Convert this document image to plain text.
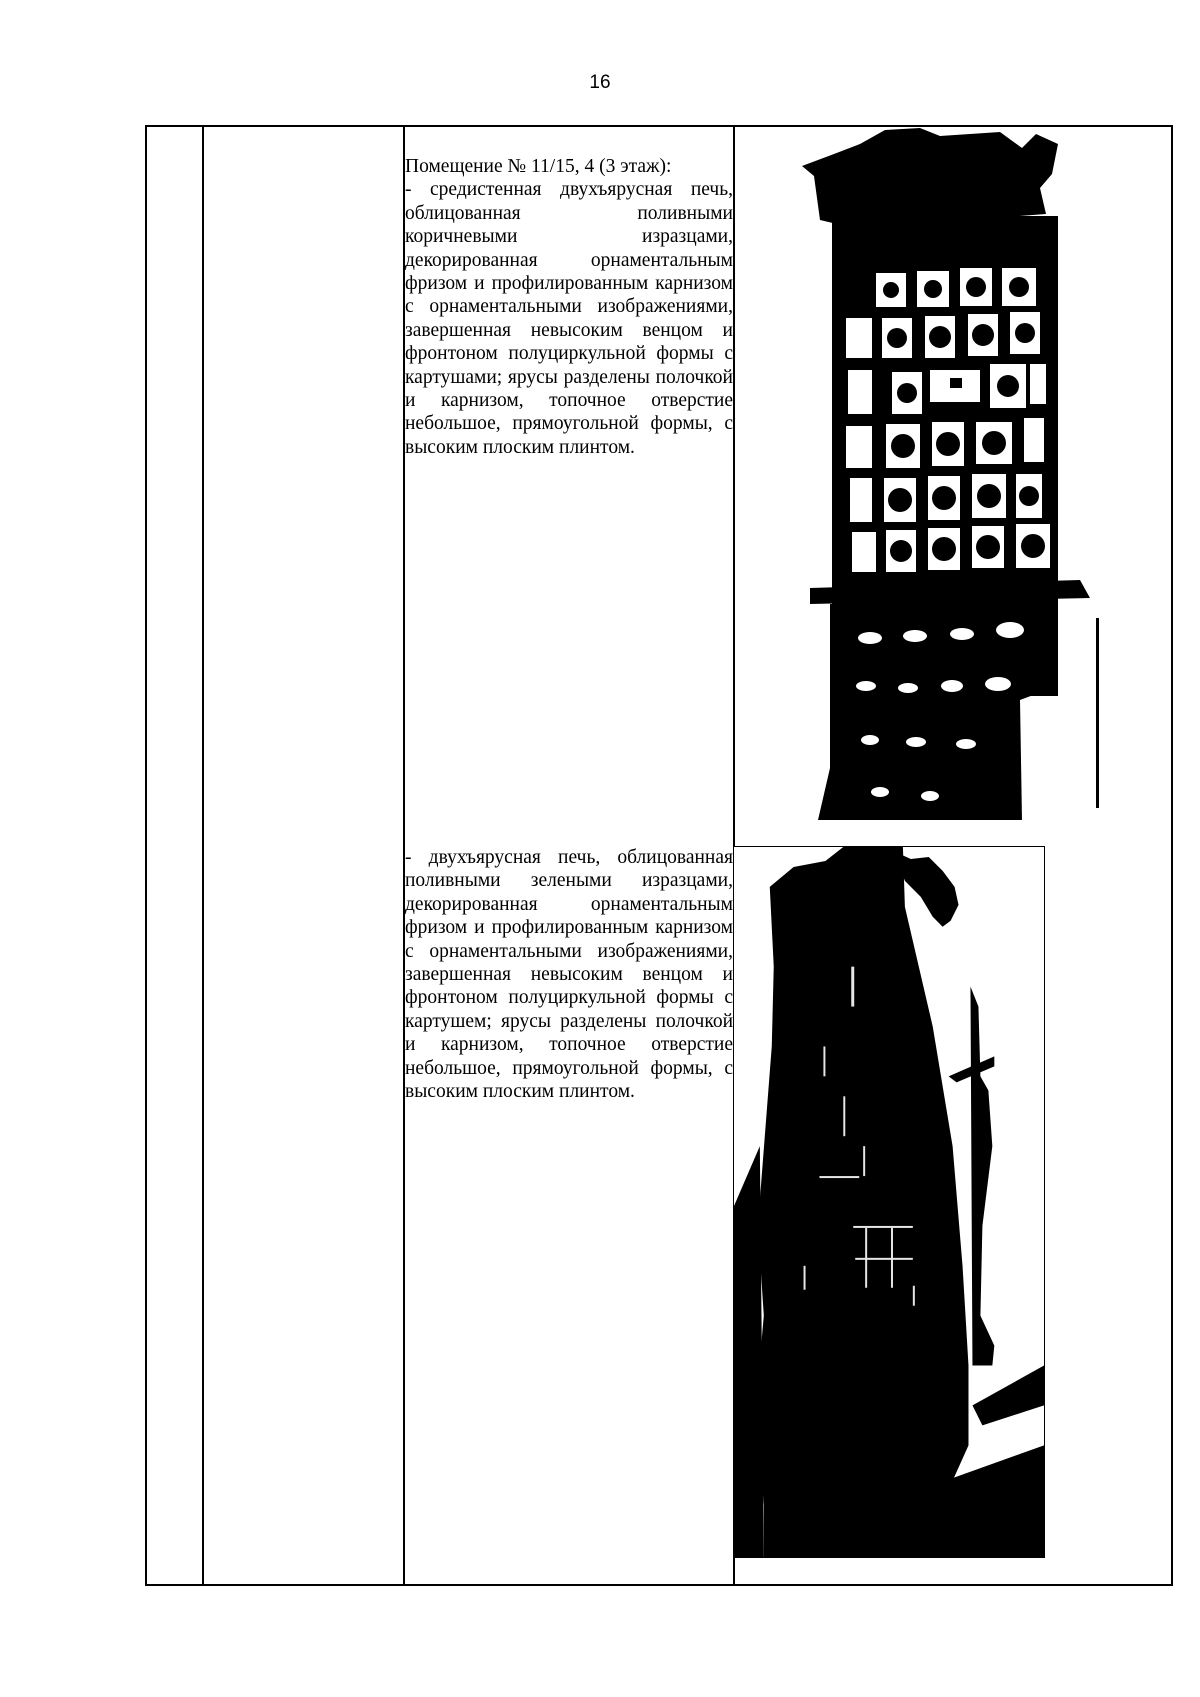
16

Помещение № 11/15, 4 (3 этаж):

- средистенная двухъярусная печь, облицованная поливными коричневыми изразцами, декорированная орнаментальным фризом и профилированным карнизом с орнаментальными изображениями, завершенная невысоким венцом и фронтоном полуциркульной формы с картушами; ярусы разделены полочкой и карнизом, топочное отверстие небольшое, прямоугольной формы, с высоким плоским плинтом.

- двухъярусная печь, облицованная поливными зелеными изразцами, декорированная орнаментальным фризом и профилированным карнизом с орнаментальными изображениями, завершенная невысоким венцом и фронтоном полуциркульной формы с картушем; ярусы разделены полочкой и карнизом, топочное отверстие небольшое, прямоугольной формы, с высоким плоским плинтом.
